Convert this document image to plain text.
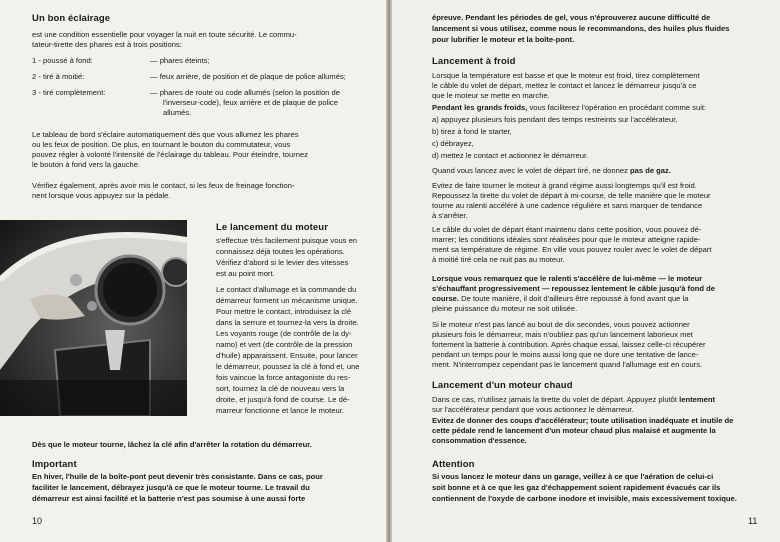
Un bon éclairage
est une condition essentielle pour voyager la nuit en toute sécurité. Le commu-
tateur-tirette des phares est à trois positions:
1 - poussé à fond:	— phares éteints;
2 - tiré à moitié:	— feux arrière, de position et de plaque de police allumés;
3 - tiré complètement:	— phares de route ou code allumés (selon la position de
l'inverseur-code), feux arrière et de plaque de police
allumés.
Le tableau de bord s'éclaire automatiquement dès que vous allumez les phares
ou les feux de position. De plus, en tournant le bouton du commutateur, vous
pouvez régler à volonté l'intensité de l'éclairage du tableau. Pour éteindre, tournez
le bouton à fond vers la gauche.
Vérifiez également, après avoir mis le contact, si les feux de freinage fonction-
nent lorsque vous appuyez sur la pédale.
Le lancement du moteur
s'effectue très facilement puisque vous en
connaissez déjà toutes les opérations.
Vérifiez d'abord si le levier des vitesses
est au point mort.
Le contact d'allumage et la commande du
démarreur forment un mécanisme unique.
Pour mettre le contact, introduisez la clé
dans la serrure et tournez-la vers la droite.
Les voyants rouge (de contrôle de la dy-
namo) et vert (de contrôle de la pression
d'huile) apparaissent. Ensuite, pour lancer
le démarreur, poussez la clé à fond et, une
fois vaincue la force antagoniste du res-
sort, tournez la clé de nouveau vers la
droite, et jusqu'à fond de course. Le dé-
marreur fonctionne et lance le moteur.
Dès que le moteur tourne, lâchez la clé afin d'arrêter la rotation du démarreur.
Important
En hiver, l'huile de la boîte-pont peut devenir très consistante. Dans ce cas, pour
faciliter le lancement, débrayez jusqu'à ce que le moteur tourne. Le travail du
démarreur est ainsi facilité et la batterie n'est pas soumise à une aussi forte
10
épreuve. Pendant les périodes de gel, vous n'éprouverez aucune difficulté de
lancement si vous utilisez, comme nous le recommandons, des huiles plus fluides
pour lubrifier le moteur et la boîte-pont.
Lancement à froid
Lorsque la température est basse et que le moteur est froid, tirez complètement
le câble du volet de départ, mettez le contact et lancez le démarreur jusqu'à ce
que le moteur se mette en marche.
Pendant les grands froids, vous faciliterez l'opération en procédant comme suit:
a) appuyez plusieurs fois pendant des temps restreints sur l'accélérateur,
b) tirez à fond le starter,
c) débrayez,
d) mettez le contact et actionnez le démarreur.
Quand vous lancez avec le volet de départ tiré, ne donnez pas de gaz.
Evitez de faire tourner le moteur à grand régime aussi longtemps qu'il est froid.
Repoussez la tirette du volet de départ à mi-course, de telle manière que le moteur
tourne au ralenti accéléré à une cadence régulière et sans marquer de tendance
à s'arrêter.
Le câble du volet de départ étant maintenu dans cette position, vous pouvez dé-
marrer; les conditions idéales sont réalisées pour que le moteur atteigne rapide-
ment sa température de régime. En ville vous pouvez rouler avec le volet de départ
à moitié tiré cela ne nuit pas au moteur.
Lorsque vous remarquez que le ralenti s'accélère de lui-même — le moteur
s'échauffant progressivement — repoussez lentement le câble jusqu'à fond de
course. De toute manière, il doit d'ailleurs être repoussé à fond avant que la
pleine puissance du moteur ne soit utilisée.
Si le moteur n'est pas lancé au bout de dix secondes, vous pouvez actionner
plusieurs fois le démarreur, mais n'oubliez pas qu'un lancement laborieux met
fortement la batterie à contribution. Après chaque essai, laissez celle-ci récupérer
pendant un temps pour le moins aussi long que ne dure une tentative de lance-
ment. N'interrompez cependant pas le lancement quand l'allumage est en cours.
Lancement d'un moteur chaud
Dans ce cas, n'utilisez jamais la tirette du volet de départ. Appuyez plutôt lentement
sur l'accélérateur pendant que vous actionnez le démarreur.
Evitez de donner des coups d'accélérateur; toute utilisation inadéquate et inutile de
cette pédale rend le lancement d'un moteur chaud plus malaisé et augmente la
consommation d'essence.
Attention
Si vous lancez le moteur dans un garage, veillez à ce que l'aération de celui-ci
soit bonne et à ce que les gaz d'échappement soient rapidement évacués car ils
contiennent de l'oxyde de carbone inodore et invisible, mais excessivement toxique.
11
